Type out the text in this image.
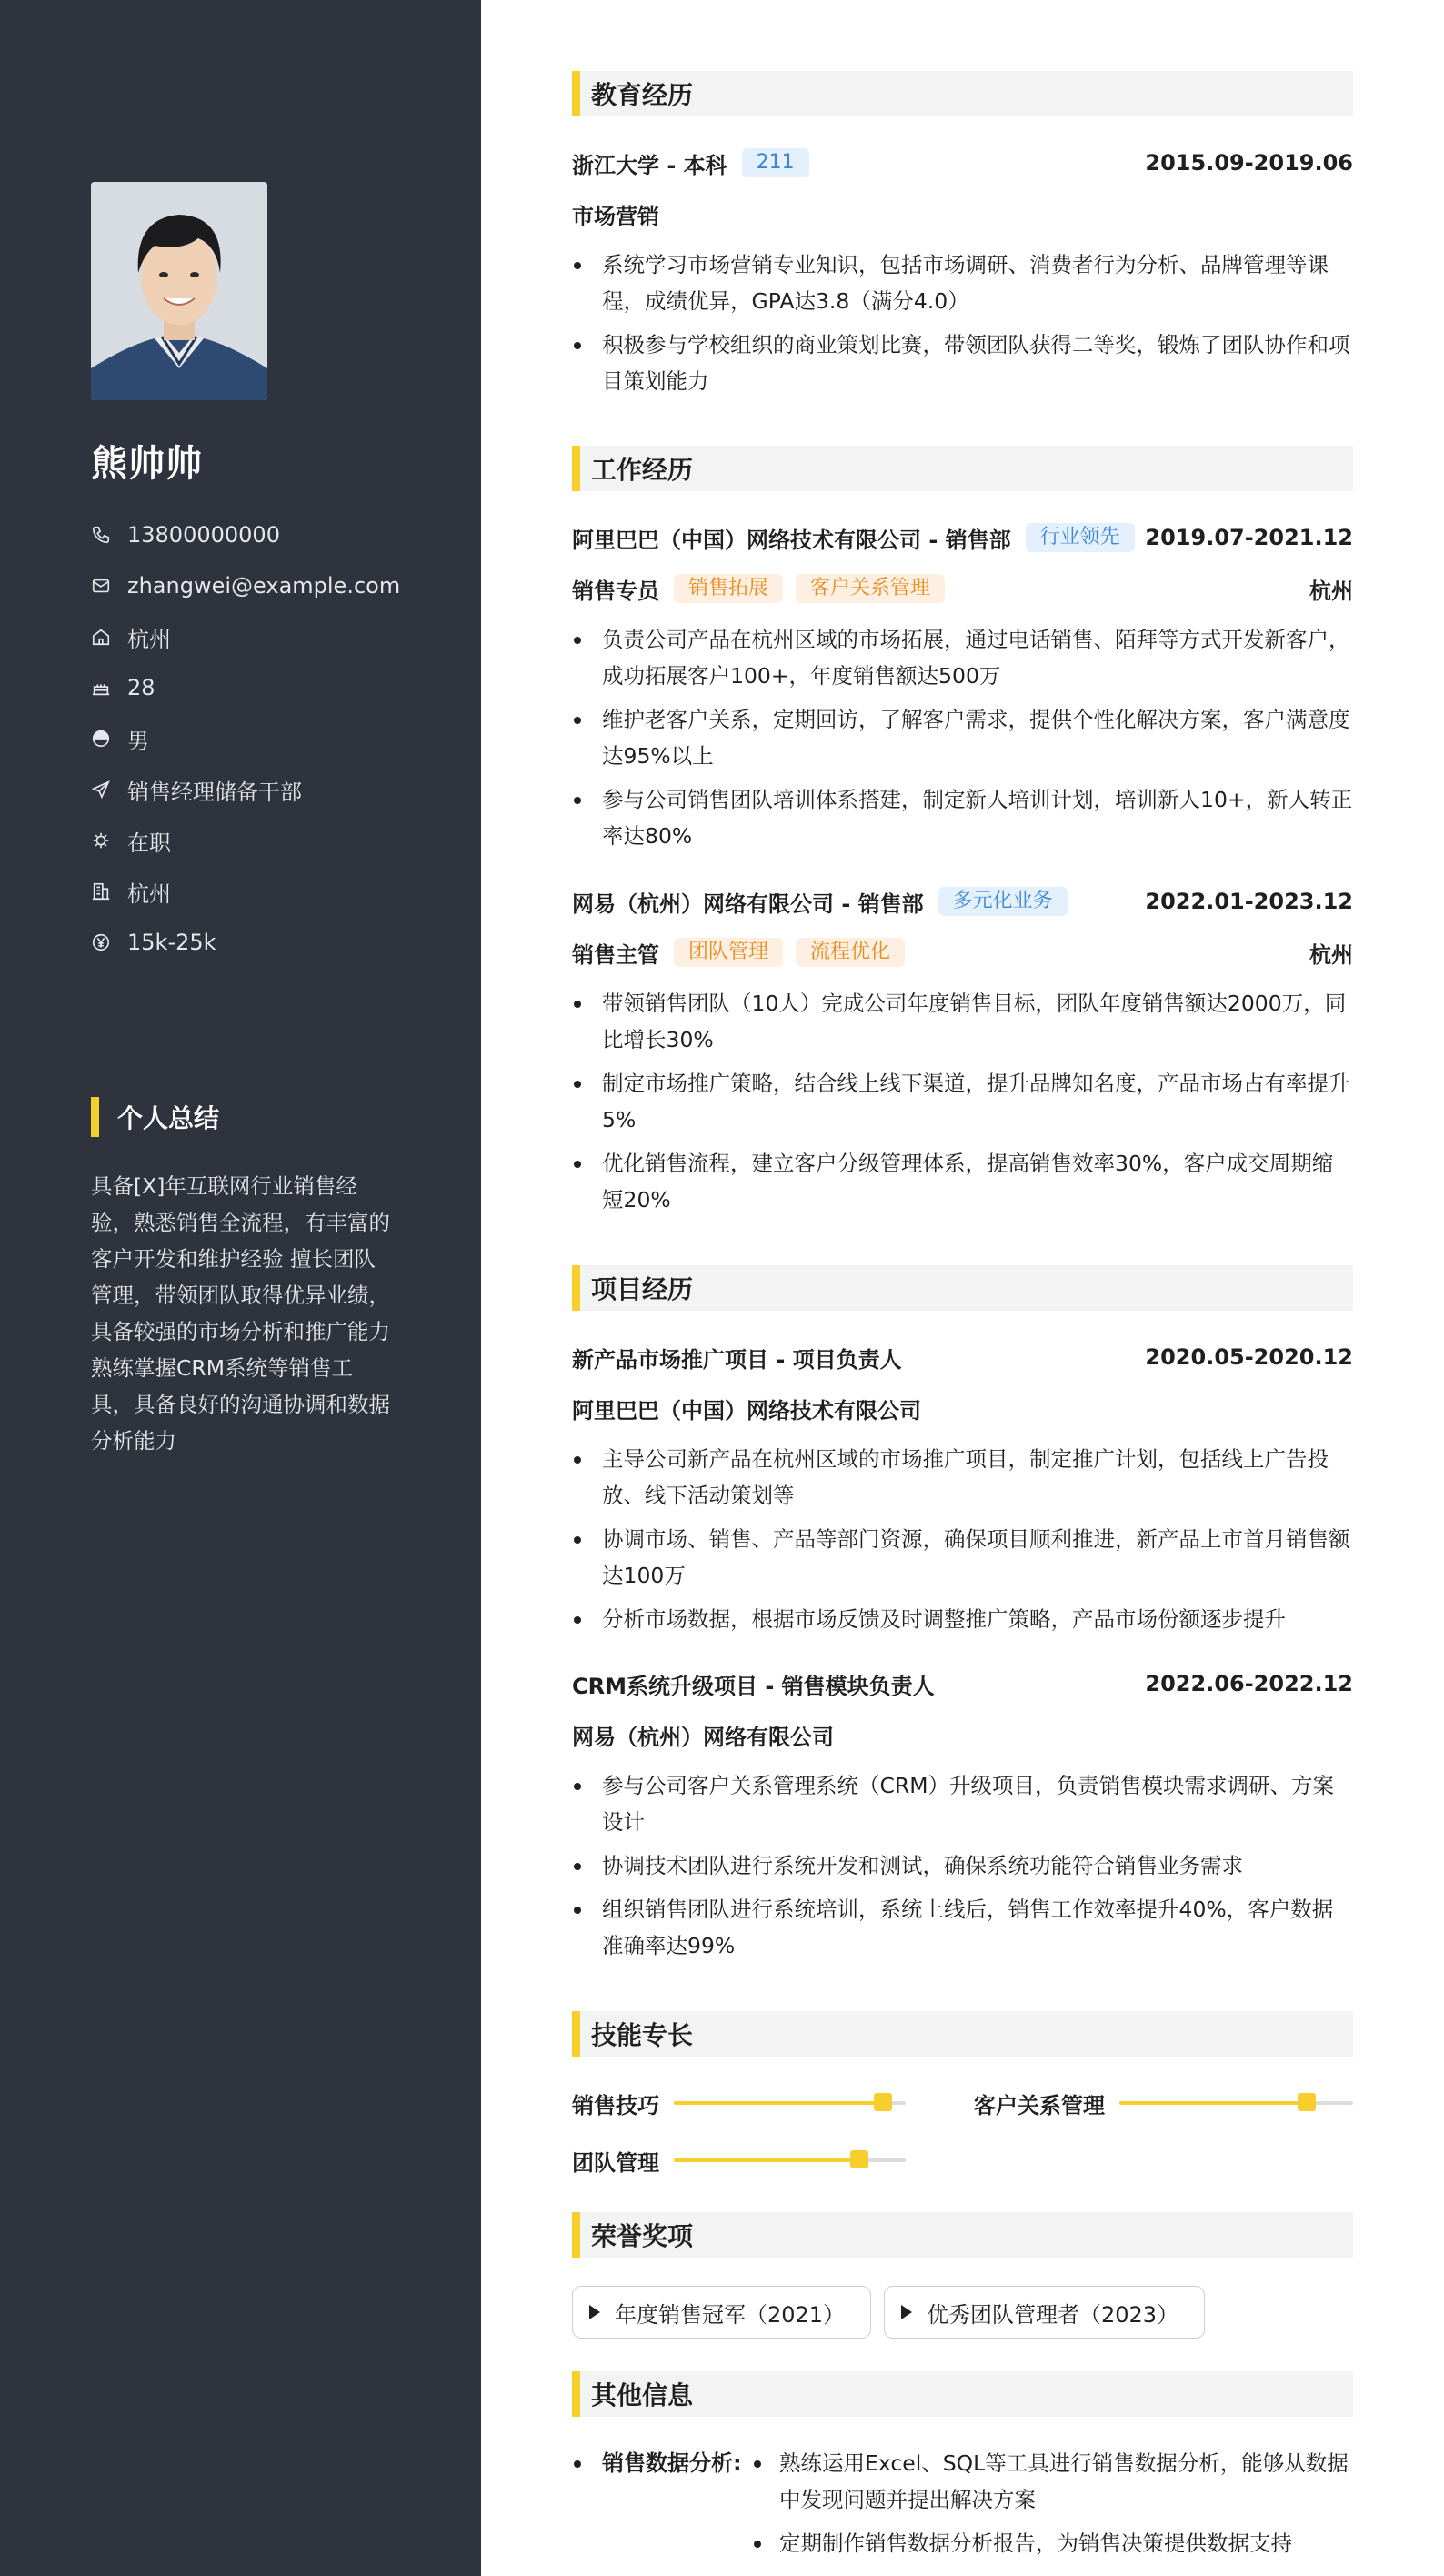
熊帅帅
13800000000
zhangwei@example.com
杭州
28
男
销售经理储备干部
在职
杭州
15k-25k
个人总结
具备[X]年互联网行业销售经验，熟悉销售全流程，有丰富的客户开发和维护经验 擅长团队管理，带领团队取得优异业绩，具备较强的市场分析和推广能力 熟练掌握CRM系统等销售工具，具备良好的沟通协调和数据分析能力
教育经历
浙江大学 - 本科	211	2015.09-2019.06
市场营销
系统学习市场营销专业知识，包括市场调研、消费者行为分析、品牌管理等课程，成绩优异，GPA达3.8（满分4.0）
积极参与学校组织的商业策划比赛，带领团队获得二等奖，锻炼了团队协作和项目策划能力
工作经历
阿里巴巴（中国）网络技术有限公司 - 销售部	行业领先	2019.07-2021.12
销售专员	销售拓展	客户关系管理	杭州
负责公司产品在杭州区域的市场拓展，通过电话销售、陌拜等方式开发新客户，成功拓展客户100+，年度销售额达500万
维护老客户关系，定期回访，了解客户需求，提供个性化解决方案，客户满意度达95%以上
参与公司销售团队培训体系搭建，制定新人培训计划，培训新人10+，新人转正率达80%
网易（杭州）网络有限公司 - 销售部	多元化业务	2022.01-2023.12
销售主管	团队管理	流程优化	杭州
带领销售团队（10人）完成公司年度销售目标，团队年度销售额达2000万，同比增长30%
制定市场推广策略，结合线上线下渠道，提升品牌知名度，产品市场占有率提升5%
优化销售流程，建立客户分级管理体系，提高销售效率30%，客户成交周期缩短20%
项目经历
新产品市场推广项目 - 项目负责人	2020.05-2020.12
阿里巴巴（中国）网络技术有限公司
主导公司新产品在杭州区域的市场推广项目，制定推广计划，包括线上广告投放、线下活动策划等
协调市场、销售、产品等部门资源，确保项目顺利推进，新产品上市首月销售额达100万
分析市场数据，根据市场反馈及时调整推广策略，产品市场份额逐步提升
CRM系统升级项目 - 销售模块负责人	2022.06-2022.12
网易（杭州）网络有限公司
参与公司客户关系管理系统（CRM）升级项目，负责销售模块需求调研、方案设计
协调技术团队进行系统开发和测试，确保系统功能符合销售业务需求
组织销售团队进行系统培训，系统上线后，销售工作效率提升40%，客户数据准确率达99%
技能专长
销售技巧	客户关系管理
团队管理
荣誉奖项
年度销售冠军（2021）	优秀团队管理者（2023）
其他信息
销售数据分析:	熟练运用Excel、SQL等工具进行销售数据分析，能够从数据中发现问题并提出解决方案
定期制作销售数据分析报告，为销售决策提供数据支持
